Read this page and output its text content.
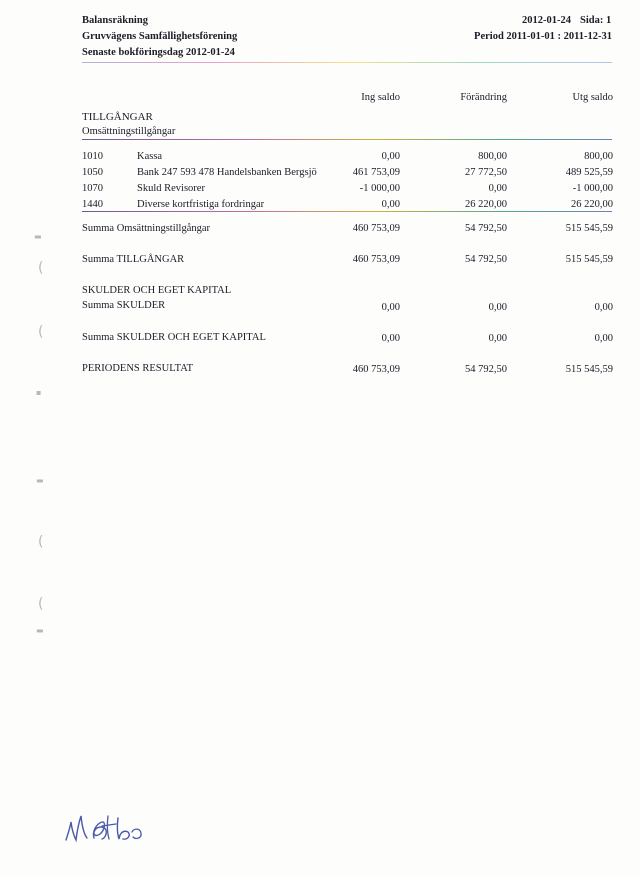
Balansräkning
Gruvvägens Samfällighetsförening
Senaste bokföringsdag 2012-01-24
2012-01-24 Sida: 1
Period 2011-01-01 : 2011-12-31
Ing saldo	Förändring	Utg saldo
TILLGÅNGAR
Omsättningstillgångar
1010	Kassa	0,00	800,00	800,00
1050	Bank 247 593 478 Handelsbanken Bergsjö	461 753,09	27 772,50	489 525,59
1070	Skuld Revisorer	-1 000,00	0,00	-1 000,00
1440	Diverse kortfristiga fordringar	0,00	26 220,00	26 220,00
Summa Omsättningstillgångar	460 753,09	54 792,50	515 545,59
Summa TILLGÅNGAR	460 753,09	54 792,50	515 545,59
SKULDER OCH EGET KAPITAL
Summa SKULDER	0,00	0,00	0,00
Summa SKULDER OCH EGET KAPITAL	0,00	0,00	0,00
PERIODENS RESULTAT	460 753,09	54 792,50	515 545,59
▬
(
(
▪
▬
(
(
▬
